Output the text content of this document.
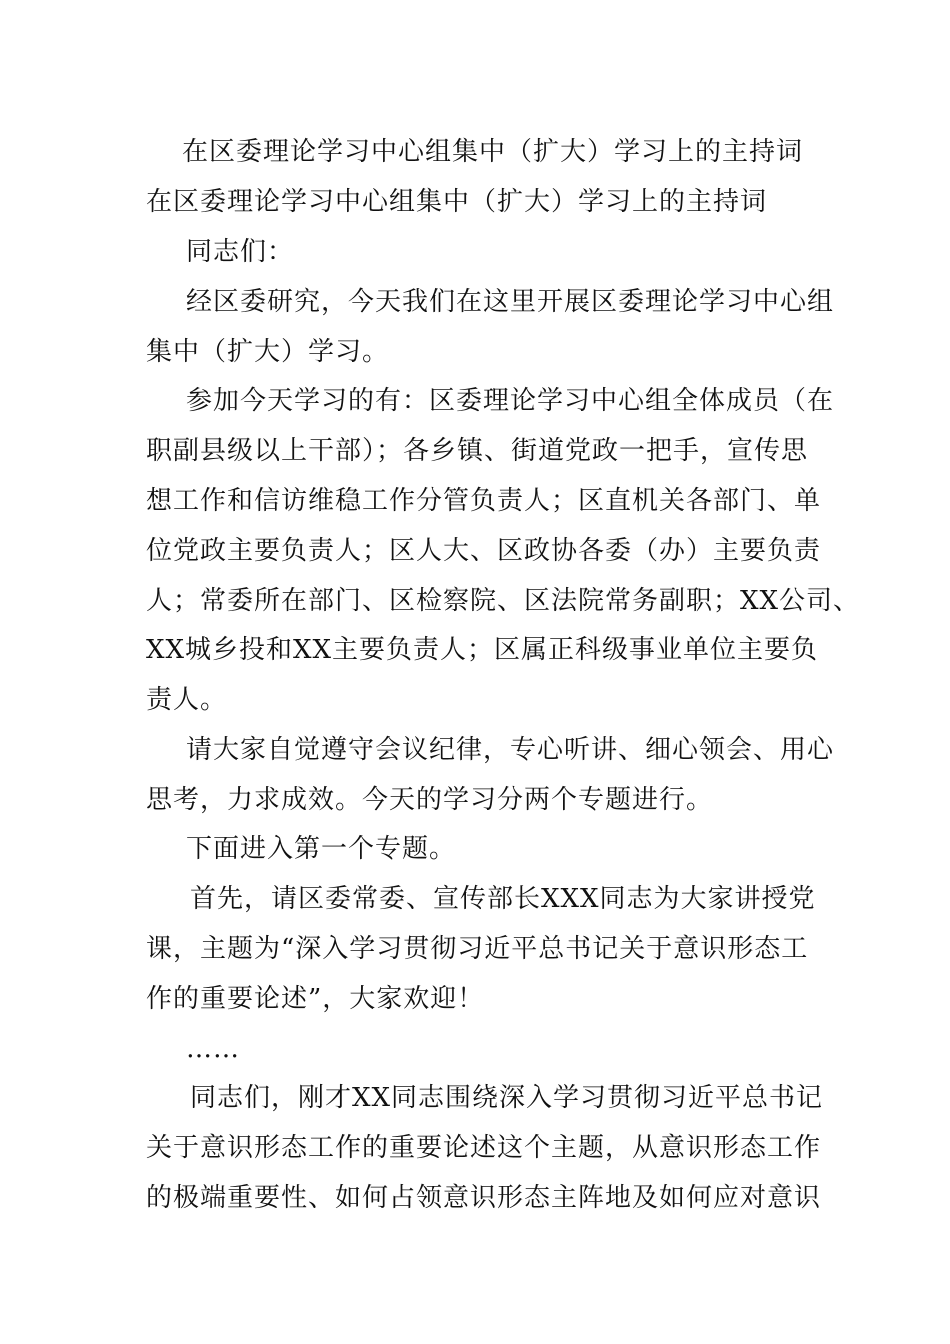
在区委理论学习中心组集中（扩大）学习上的主持词
在区委理论学习中心组集中（扩大）学习上的主持词
同志们：
经区委研究，今天我们在这里开展区委理论学习中心组
集中（扩大）学习。
参加今天学习的有：区委理论学习中心组全体成员（在
职副县级以上干部）；各乡镇、街道党政一把手，宣传思
想工作和信访维稳工作分管负责人；区直机关各部门、单
位党政主要负责人；区人大、区政协各委（办）主要负责
人；常委所在部门、区检察院、区法院常务副职；XX公司、
XX城乡投和XX主要负责人；区属正科级事业单位主要负
责人。
请大家自觉遵守会议纪律，专心听讲、细心领会、用心
思考，力求成效。今天的学习分两个专题进行。
下面进入第一个专题。
首先，请区委常委、宣传部长XXX同志为大家讲授党
课，主题为“深入学习贯彻习近平总书记关于意识形态工
作的重要论述”，大家欢迎！
……
同志们，刚才XX同志围绕深入学习贯彻习近平总书记
关于意识形态工作的重要论述这个主题，从意识形态工作
的极端重要性、如何占领意识形态主阵地及如何应对意识
